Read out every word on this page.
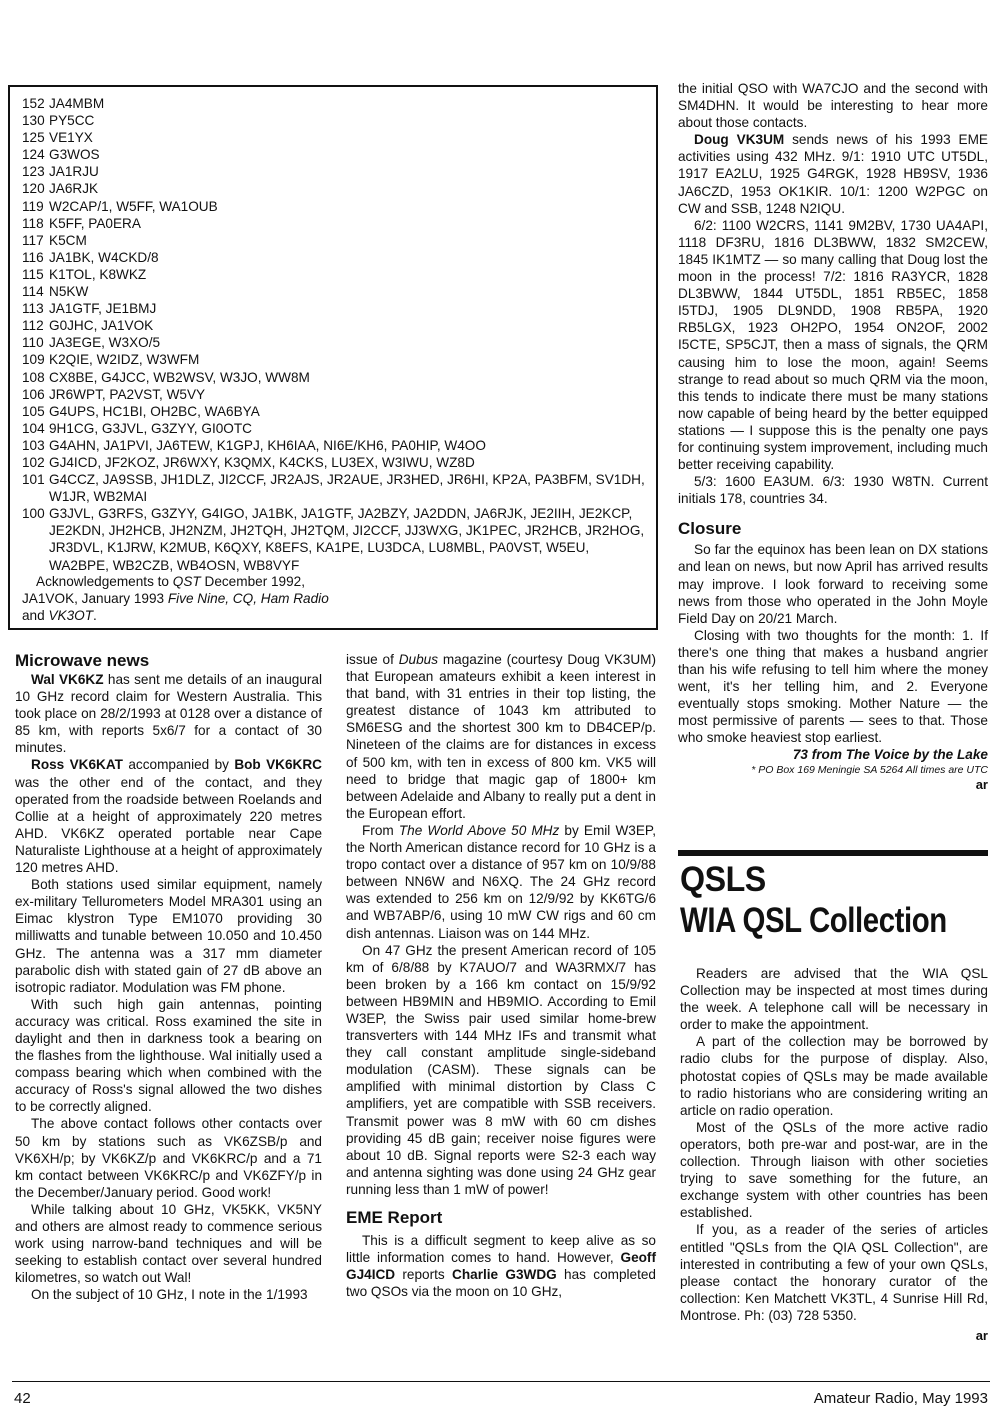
152 JA4MBM
130 PY5CC
125 VE1YX
124 G3WOS
123 JA1RJU
120 JA6RJK
119 W2CAP/1, W5FF, WA1OUB
118 K5FF, PA0ERA
117 K5CM
116 JA1BK, W4CKD/8
115 K1TOL, K8WKZ
114 N5KW
113 JA1GTF, JE1BMJ
112 G0JHC, JA1VOK
110 JA3EGE, W3XO/5
109 K2QIE, W2IDZ, W3WFM
108 CX8BE, G4JCC, WB2WSV, W3JO, WW8M
106 JR6WPT, PA2VST, W5VY
105 G4UPS, HC1BI, OH2BC, WA6BYA
104 9H1CG, G3JVL, G3ZYY, GI0OTC
103 G4AHN, JA1PVI, JA6TEW, K1GPJ, KH6IAA, NI6E/KH6, PA0HIP, W4OO
102 GJ4ICD, JF2KOZ, JR6WXY, K3QMX, K4CKS, LU3EX, W3IWU, WZ8D
101 G4CCZ, JA9SSB, JH1DLZ, JI2CCF, JR2AJS, JR2AUE, JR3HED, JR6HI, KP2A, PA3BFM, SV1DH, W1JR, WB2MAI
100 G3JVL, G3RFS, G3ZYY, G4IGO, JA1BK, JA1GTF, JA2BZY, JA2DDN, JA6RJK, JE2IIH, JE2KCP, JE2KDN, JH2HCB, JH2NZM, JH2TQH, JH2TQM, JI2CCF, JJ3WXG, JK1PEC, JR2HCB, JR2HOG, JR3DVL, K1JRW, K2MUB, K6QXY, K8EFS, KA1PE, LU3DCA, LU8MBL, PA0VST, W5EU, WA2BPE, WB2CZB, WB4OSN, WB8VYF

Acknowledgements to QST December 1992,

JA1VOK, January 1993 Five Nine, CQ, Ham Radio and VK3OT.

Microwave news

Wal VK6KZ has sent me details of an inaugural 10 GHz record claim for Western Australia. This took place on 28/2/1993 at 0128 over a distance of 85 km, with reports 5x6/7 for a contact of 30 minutes.

Ross VK6KAT accompanied by Bob VK6KRC was the other end of the contact, and they operated from the roadside between Roelands and Collie at a height of approximately 220 metres AHD. VK6KZ operated portable near Cape Naturaliste Lighthouse at a height of approximately 120 metres AHD.

Both stations used similar equipment, namely ex-military Tellurometers Model MRA301 using an Eimac klystron Type EM1070 providing 30 milliwatts and tunable between 10.050 and 10.450 GHz. The antenna was a 317 mm diameter parabolic dish with stated gain of 27 dB above an isotropic radiator. Modulation was FM phone.

With such high gain antennas, pointing accuracy was critical. Ross examined the site in daylight and then in darkness took a bearing on the flashes from the lighthouse. Wal initially used a compass bearing which when combined with the accuracy of Ross's signal allowed the two dishes to be correctly aligned.

The above contact follows other contacts over 50 km by stations such as VK6ZSB/p and VK6XH/p; by VK6KZ/p and VK6KRC/p and a 71 km contact between VK6KRC/p and VK6ZFY/p in the December/January period. Good work!

While talking about 10 GHz, VK5KK, VK5NY and others are almost ready to commence serious work using narrow-band techniques and will be seeking to establish contact over several hundred kilometres, so watch out Wal!

On the subject of 10 GHz, I note in the 1/1993

issue of Dubus magazine (courtesy Doug VK3UM) that European amateurs exhibit a keen interest in that band, with 31 entries in their top listing, the greatest distance of 1043 km attributed to SM6ESG and the shortest 300 km to DB4CEP/p. Nineteen of the claims are for distances in excess of 500 km, with ten in excess of 800 km. VK5 will need to bridge that magic gap of 1800+ km between Adelaide and Albany to really put a dent in the European effort.

From The World Above 50 MHz by Emil W3EP, the North American distance record for 10 GHz is a tropo contact over a distance of 957 km on 10/9/88 between NN6W and N6XQ. The 24 GHz record was extended to 256 km on 12/9/92 by KK6TG/6 and WB7ABP/6, using 10 mW CW rigs and 60 cm dish antennas. Liaison was on 144 MHz.

On 47 GHz the present American record of 105 km of 6/8/88 by K7AUO/7 and WA3RMX/7 has been broken by a 166 km contact on 15/9/92 between HB9MIN and HB9MIO. According to Emil W3EP, the Swiss pair used similar home-brew transverters with 144 MHz IFs and transmit what they call constant amplitude single-sideband modulation (CASM). These signals can be amplified with minimal distortion by Class C amplifiers, yet are compatible with SSB receivers. Transmit power was 8 mW with 60 cm dishes providing 45 dB gain; receiver noise figures were about 10 dB. Signal reports were S2-3 each way and antenna sighting was done using 24 GHz gear running less than 1 mW of power!

EME Report

This is a difficult segment to keep alive as so little information comes to hand. However, Geoff GJ4ICD reports Charlie G3WDG has completed two QSOs via the moon on 10 GHz,

the initial QSO with WA7CJO and the second with SM4DHN. It would be interesting to hear more about those contacts.

Doug VK3UM sends news of his 1993 EME activities using 432 MHz. 9/1: 1910 UTC UT5DL, 1917 EA2LU, 1925 G4RGK, 1928 HB9SV, 1936 JA6CZD, 1953 OK1KIR. 10/1: 1200 W2PGC on CW and SSB, 1248 N2IQU.

6/2: 1100 W2CRS, 1141 9M2BV, 1730 UA4API, 1118 DF3RU, 1816 DL3BWW, 1832 SM2CEW, 1845 IK1MTZ — so many calling that Doug lost the moon in the process! 7/2: 1816 RA3YCR, 1828 DL3BWW, 1844 UT5DL, 1851 RB5EC, 1858 I5TDJ, 1905 DL9NDD, 1908 RB5PA, 1920 RB5LGX, 1923 OH2PO, 1954 ON2OF, 2002 I5CTE, SP5CJT, then a mass of signals, the QRM causing him to lose the moon, again! Seems strange to read about so much QRM via the moon, this tends to indicate there must be many stations now capable of being heard by the better equipped stations — I suppose this is the penalty one pays for continuing system improvement, including much better receiving capability.

5/3: 1600 EA3UM. 6/3: 1930 W8TN. Current initials 178, countries 34.

Closure

So far the equinox has been lean on DX stations and lean on news, but now April has arrived results may improve. I look forward to receiving some news from those who operated in the John Moyle Field Day on 20/21 March.

Closing with two thoughts for the month: 1. If there's one thing that makes a husband angrier than his wife refusing to tell him where the money went, it's her telling him, and 2. Everyone eventually stops smoking. Mother Nature — the most permissive of parents — sees to that. Those who smoke heaviest stop earliest.

73 from The Voice by the Lake

* PO Box 169 Meningie SA 5264 All times are UTC

ar

QSLS
WIA QSL Collection

Readers are advised that the WIA QSL Collection may be inspected at most times during the week. A telephone call will be necessary in order to make the appointment.

A part of the collection may be borrowed by radio clubs for the purpose of display. Also, photostat copies of QSLs may be made available to radio historians who are considering writing an article on radio operation.

Most of the QSLs of the more active radio operators, both pre-war and post-war, are in the collection. Through liaison with other societies trying to save something for the future, an exchange system with other countries has been established.

If you, as a reader of the series of articles entitled "QSLs from the QIA QSL Collection", are interested in contributing a few of your own QSLs, please contact the honorary curator of the collection: Ken Matchett VK3TL, 4 Sunrise Hill Rd, Montrose. Ph: (03) 728 5350.

ar

42	Amateur Radio, May 1993
